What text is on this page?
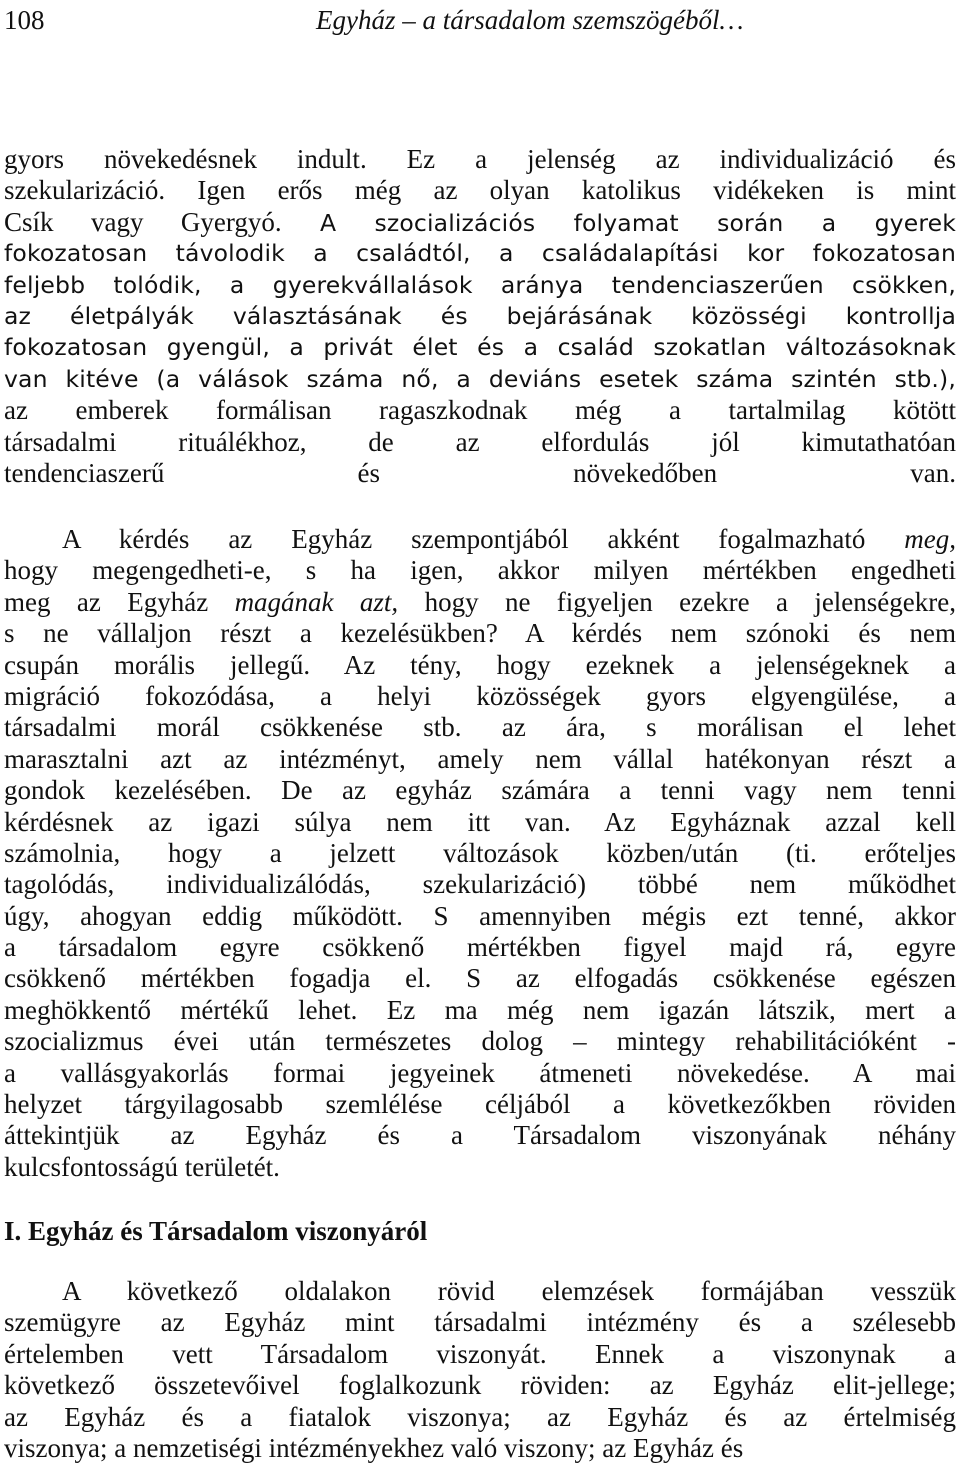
108	Egyház – a társadalom szemszögéből…

gyors növekedésnek indult. Ez a jelenség az individualizáció és
szekularizáció. Igen erős még az olyan katolikus vidékeken is mint
Csík vagy Gyergyó. A szocializációs folyamat során a gyerek
fokozatosan távolodik a családtól, a családalapítási kor fokozatosan
feljebb tolódik, a gyerekvállalások aránya tendenciaszerűen csökken,
az életpályák választásának és bejárásának közösségi kontrollja
fokozatosan gyengül, a privát élet és a család szokatlan változásoknak
van kitéve (a válások száma nő, a deviáns esetek száma szintén stb.),
az emberek formálisan ragaszkodnak még a tartalmilag kötött
társadalmi rituálékhoz, de az elfordulás jól kimutathatóan
tendenciaszerű és növekedőben van.

A kérdés az Egyház szempontjából akként fogalmazható meg,
hogy megengedheti-e, s ha igen, akkor milyen mértékben engedheti
meg az Egyház magának azt, hogy ne figyeljen ezekre a jelenségekre,
s ne vállaljon részt a kezelésükben? A kérdés nem szónoki és nem
csupán morális jellegű. Az tény, hogy ezeknek a jelenségeknek a
migráció fokozódása, a helyi közösségek gyors elgyengülése, a
társadalmi morál csökkenése stb. az ára, s morálisan el lehet
marasztalni azt az intézményt, amely nem vállal hatékonyan részt a
gondok kezelésében. De az egyház számára a tenni vagy nem tenni
kérdésnek az igazi súlya nem itt van. Az Egyháznak azzal kell
számolnia, hogy a jelzett változások közben/után (ti. erőteljes
tagolódás, individualizálódás, szekularizáció) többé nem működhet
úgy, ahogyan eddig működött. S amennyiben mégis ezt tenné, akkor
a társadalom egyre csökkenő mértékben figyel majd rá, egyre
csökkenő mértékben fogadja el. S az elfogadás csökkenése egészen
meghökkentő mértékű lehet. Ez ma még nem igazán látszik, mert a
szocializmus évei után természetes dolog – mintegy rehabilitációként -
a vallásgyakorlás formai jegyeinek átmeneti növekedése. A mai
helyzet tárgyilagosabb szemlélése céljából a következőkben röviden
áttekintjük az Egyház és a Társadalom viszonyának néhány
kulcsfontosságú területét.

I. Egyház és Társadalom viszonyáról

A következő oldalakon rövid elemzések formájában vesszük
szemügyre az Egyház mint társadalmi intézmény és a szélesebb
értelemben vett Társadalom viszonyát. Ennek a viszonynak a
következő összetevőivel foglalkozunk röviden: az Egyház elit-jellege;
az Egyház és a fiatalok viszonya; az Egyház és az értelmiség
viszonya; a nemzetiségi intézményekhez való viszony; az Egyház és
